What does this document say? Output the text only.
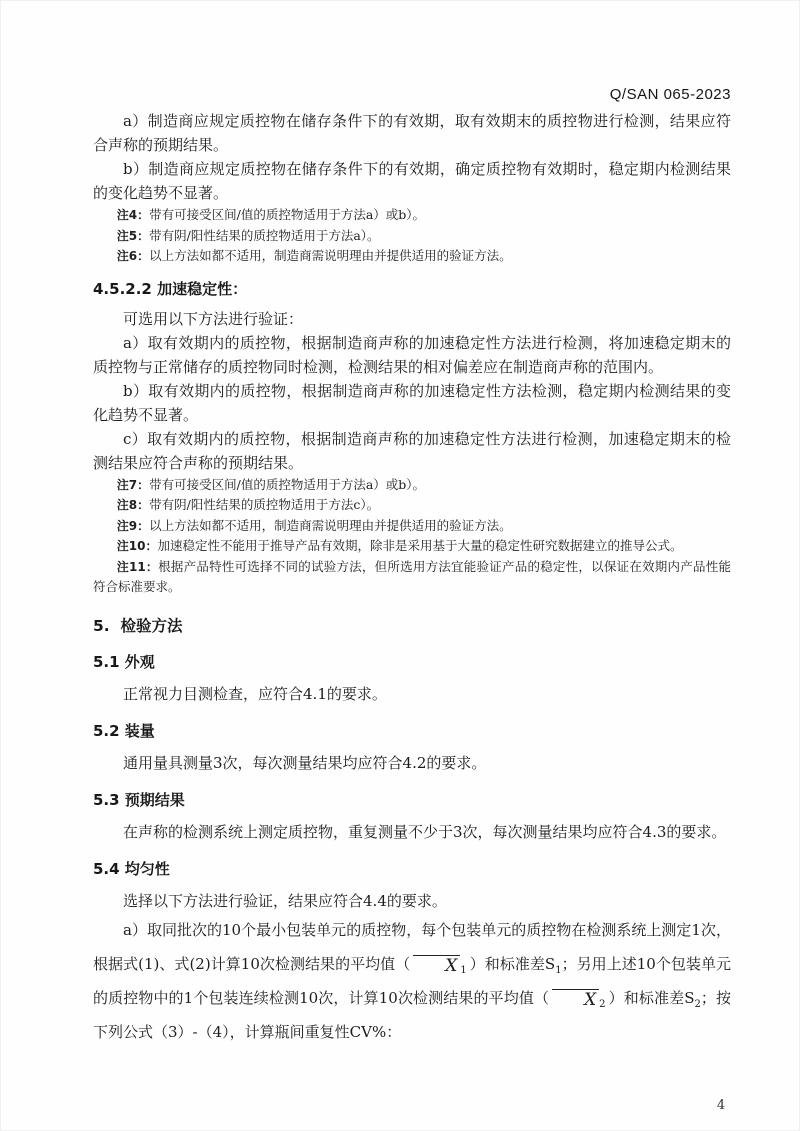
Q/SAN 065-2023
a）制造商应规定质控物在储存条件下的有效期，取有效期末的质控物进行检测，结果应符合声称的预期结果。
b）制造商应规定质控物在储存条件下的有效期，确定质控物有效期时，稳定期内检测结果的变化趋势不显著。
注4：带有可接受区间/值的质控物适用于方法a）或b）。
注5：带有阴/阳性结果的质控物适用于方法a）。
注6：以上方法如都不适用，制造商需说明理由并提供适用的验证方法。
4.5.2.2 加速稳定性：
可选用以下方法进行验证：
a）取有效期内的质控物，根据制造商声称的加速稳定性方法进行检测，将加速稳定期末的质控物与正常储存的质控物同时检测，检测结果的相对偏差应在制造商声称的范围内。
b）取有效期内的质控物，根据制造商声称的加速稳定性方法检测，稳定期内检测结果的变化趋势不显著。
c）取有效期内的质控物，根据制造商声称的加速稳定性方法进行检测，加速稳定期末的检测结果应符合声称的预期结果。
注7：带有可接受区间/值的质控物适用于方法a）或b）。
注8：带有阴/阳性结果的质控物适用于方法c）。
注9：以上方法如都不适用，制造商需说明理由并提供适用的验证方法。
注10：加速稳定性不能用于推导产品有效期，除非是采用基于大量的稳定性研究数据建立的推导公式。
注11：根据产品特性可选择不同的试验方法，但所选用方法宜能验证产品的稳定性，以保证在效期内产品性能符合标准要求。
5.  检验方法
5.1 外观
正常视力目测检查，应符合4.1的要求。
5.2 装量
通用量具测量3次，每次测量结果均应符合4.2的要求。
5.3 预期结果
在声称的检测系统上测定质控物，重复测量不少于3次，每次测量结果均应符合4.3的要求。
5.4 均匀性
选择以下方法进行验证，结果应符合4.4的要求。
a）取同批次的10个最小包装单元的质控物，每个包装单元的质控物在检测系统上测定1次，根据式(1)、式(2)计算10次检测结果的平均值（ X $_1$ ）和标准差$S_1$；另用上述10个包装单元的质控物中的1个包装连续检测10次，计算10次检测结果的平均值（ X $_2$ ）和标准差$S_2$；按下列公式（3）-（4），计算瓶间重复性CV%：
4
